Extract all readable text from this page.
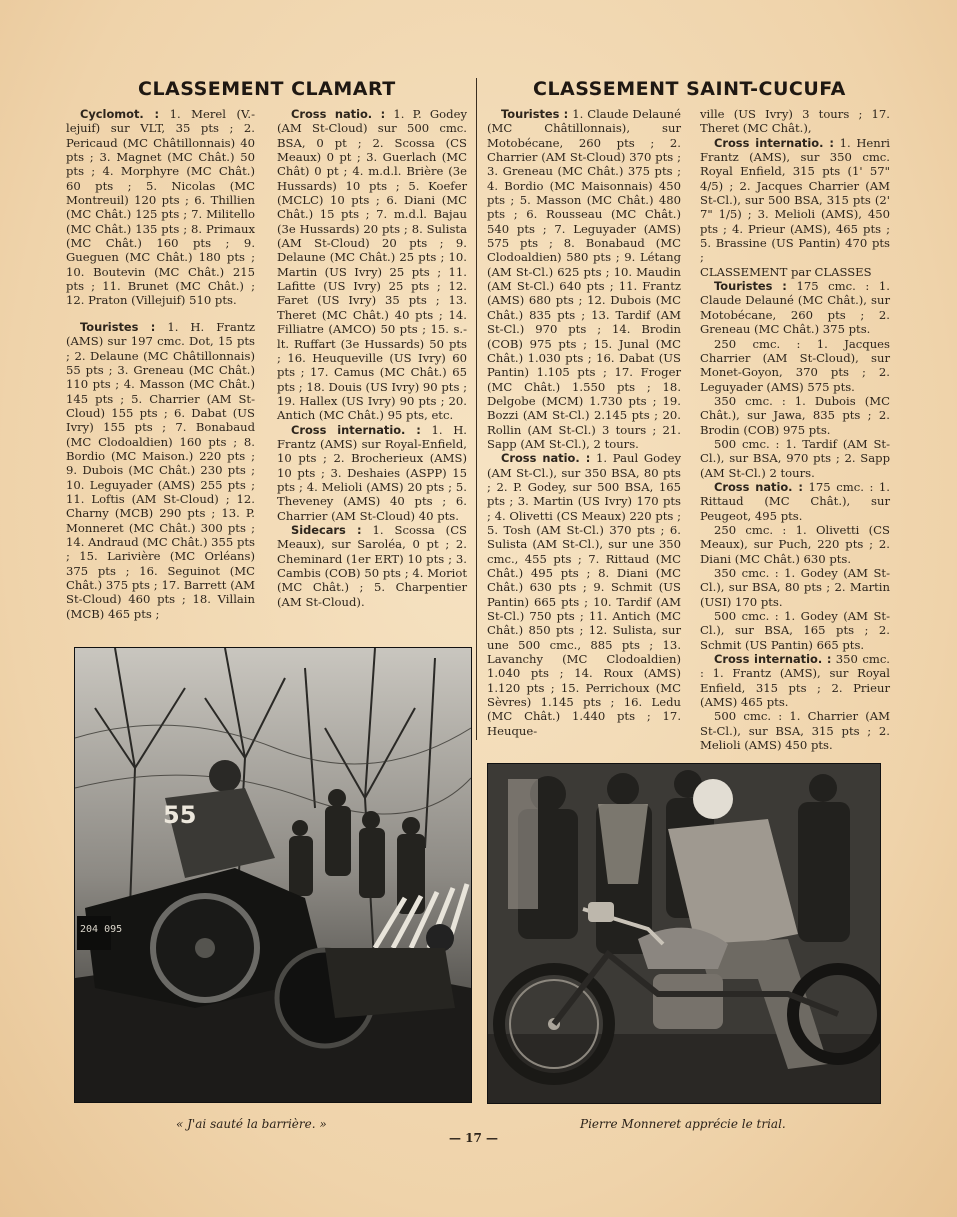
CLASSEMENT CLAMART	CLASSEMENT SAINT-CUCUFA

Cyclomot. : 1. Merel (V.-lejuif) sur VLT, 35 pts ; 2. Pericaud (MC Châtillonnais) 40 pts ; 3. Magnet (MC Chât.) 50 pts ; 4. Morphyre (MC Chât.) 60 pts ; 5. Nicolas (MC Montreuil) 120 pts ; 6. Thillien (MC Chât.) 125 pts ; 7. Militello (MC Chât.) 135 pts ; 8. Primaux (MC Chât.) 160 pts ; 9. Gueguen (MC Chât.) 180 pts ; 10. Boutevin (MC Chât.) 215 pts ; 11. Brunet (MC Chât.) ; 12. Praton (Villejuif) 510 pts.

Touristes : 1. H. Frantz (AMS) sur 197 cmc. Dot, 15 pts ; 2. Delaune (MC Châtillonnais) 55 pts ; 3. Greneau (MC Chât.) 110 pts ; 4. Masson (MC Chât.) 145 pts ; 5. Charrier (AM St-Cloud) 155 pts ; 6. Dabat (US Ivry) 155 pts ; 7. Bonabaud (MC Clodoaldien) 160 pts ; 8. Bordio (MC Maison.) 220 pts ; 9. Dubois (MC Chât.) 230 pts ; 10. Leguyader (AMS) 255 pts ; 11. Loftis (AM St-Cloud) ; 12. Charny (MCB) 290 pts ; 13. P. Monneret (MC Chât.) 300 pts ; 14. Andraud (MC Chât.) 355 pts ; 15. Larivière (MC Orléans) 375 pts ; 16. Seguinot (MC Chât.) 375 pts ; 17. Barrett (AM St-Cloud) 460 pts ; 18. Villain (MCB) 465 pts ;

Cross natio. : 1. P. Godey (AM St-Cloud) sur 500 cmc. BSA, 0 pt ; 2. Scossa (CS Meaux) 0 pt ; 3. Guerlach (MC Chât) 0 pt ; 4. m.d.l. Brière (3e Hussards) 10 pts ; 5. Koefer (MCLC) 10 pts ; 6. Diani (MC Chât.) 15 pts ; 7. m.d.l. Bajau (3e Hussards) 20 pts ; 8. Sulista (AM St-Cloud) 20 pts ; 9. Delaune (MC Chât.) 25 pts ; 10. Martin (US Ivry) 25 pts ; 11. Lafitte (US Ivry) 25 pts ; 12. Faret (US Ivry) 35 pts ; 13. Theret (MC Chât.) 40 pts ; 14. Filliatre (AMCO) 50 pts ; 15. s.-lt. Ruffart (3e Hussards) 50 pts ; 16. Heuqueville (US Ivry) 60 pts ; 17. Camus (MC Chât.) 65 pts ; 18. Douis (US Ivry) 90 pts ; 19. Hallex (US Ivry) 90 pts ; 20. Antich (MC Chât.) 95 pts, etc.

Cross internatio. : 1. H. Frantz (AMS) sur Royal-Enfield, 10 pts ; 2. Brocherieux (AMS) 10 pts ; 3. Deshaies (ASPP) 15 pts ; 4. Melioli (AMS) 20 pts ; 5. Theveney (AMS) 40 pts ; 6. Charrier (AM St-Cloud) 40 pts.

Sidecars : 1. Scossa (CS Meaux), sur Saroléa, 0 pt ; 2. Cheminard (1er ERT) 10 pts ; 3. Cambis (COB) 50 pts ; 4. Moriot (MC Chât.) ; 5. Charpentier (AM St-Cloud).

Touristes : 1. Claude Delauné (MC Châtillonnais), sur Motobécane, 260 pts ; 2. Charrier (AM St-Cloud) 370 pts ; 3. Greneau (MC Chât.) 375 pts ; 4. Bordio (MC Maisonnais) 450 pts ; 5. Masson (MC Chât.) 480 pts ; 6. Rousseau (MC Chât.) 540 pts ; 7. Leguyader (AMS) 575 pts ; 8. Bonabaud (MC Clodoaldien) 580 pts ; 9. Létang (AM St-Cl.) 625 pts ; 10. Maudin (AM St-Cl.) 640 pts ; 11. Frantz (AMS) 680 pts ; 12. Dubois (MC Chât.) 835 pts ; 13. Tardif (AM St-Cl.) 970 pts ; 14. Brodin (COB) 975 pts ; 15. Junal (MC Chât.) 1.030 pts ; 16. Dabat (US Pantin) 1.105 pts ; 17. Froger (MC Chât.) 1.550 pts ; 18. Delgobe (MCM) 1.730 pts ; 19. Bozzi (AM St-Cl.) 2.145 pts ; 20. Rollin (AM St-Cl.) 3 tours ; 21. Sapp (AM St-Cl.), 2 tours.

Cross natio. : 1. Paul Godey (AM St-Cl.), sur 350 BSA, 80 pts ; 2. P. Godey, sur 500 BSA, 165 pts ; 3. Martin (US Ivry) 170 pts ; 4. Olivetti (CS Meaux) 220 pts ; 5. Tosh (AM St-Cl.) 370 pts ; 6. Sulista (AM St-Cl.), sur une 350 cmc., 455 pts ; 7. Rittaud (MC Chât.) 495 pts ; 8. Diani (MC Chât.) 630 pts ; 9. Schmit (US Pantin) 665 pts ; 10. Tardif (AM St-Cl.) 750 pts ; 11. Antich (MC Chât.) 850 pts ; 12. Sulista, sur une 500 cmc., 885 pts ; 13. Lavanchy (MC Clodoaldien) 1.040 pts ; 14. Roux (AMS) 1.120 pts ; 15. Perrichoux (MC Sèvres) 1.145 pts ; 16. Ledu (MC Chât.) 1.440 pts ; 17. Heuque-

ville (US Ivry) 3 tours ; 17. Theret (MC Chât.),

Cross internatio. : 1. Henri Frantz (AMS), sur 350 cmc. Royal Enfield, 315 pts (1' 57" 4/5) ; 2. Jacques Charrier (AM St-Cl.), sur 500 BSA, 315 pts (2' 7" 1/5) ; 3. Melioli (AMS), 450 pts ; 4. Prieur (AMS), 465 pts ; 5. Brassine (US Pantin) 470 pts ;

CLASSEMENT par CLASSES

Touristes : 175 cmc. : 1. Claude Delauné (MC Chât.), sur Motobécane, 260 pts ; 2. Greneau (MC Chât.) 375 pts.

250 cmc. : 1. Jacques Charrier (AM St-Cloud), sur Monet-Goyon, 370 pts ; 2. Leguyader (AMS) 575 pts.

350 cmc. : 1. Dubois (MC Chât.), sur Jawa, 835 pts ; 2. Brodin (COB) 975 pts.

500 cmc. : 1. Tardif (AM St-Cl.), sur BSA, 970 pts ; 2. Sapp (AM St-Cl.) 2 tours.

Cross natio. : 175 cmc. : 1. Rittaud (MC Chât.), sur Peugeot, 495 pts.

250 cmc. : 1. Olivetti (CS Meaux), sur Puch, 220 pts ; 2. Diani (MC Chât.) 630 pts.

350 cmc. : 1. Godey (AM St-Cl.), sur BSA, 80 pts ; 2. Martin (USI) 170 pts.

500 cmc. : 1. Godey (AM St-Cl.), sur BSA, 165 pts ; 2. Schmit (US Pantin) 665 pts.

Cross internatio. : 350 cmc. : 1. Frantz (AMS), sur Royal Enfield, 315 pts ; 2. Prieur (AMS) 465 pts.

500 cmc. : 1. Charrier (AM St-Cl.), sur BSA, 315 pts ; 2. Melioli (AMS) 450 pts.

55
204 095
« J'ai sauté la barrière. »	Pierre Monneret apprécie le trial.
— 17 —
